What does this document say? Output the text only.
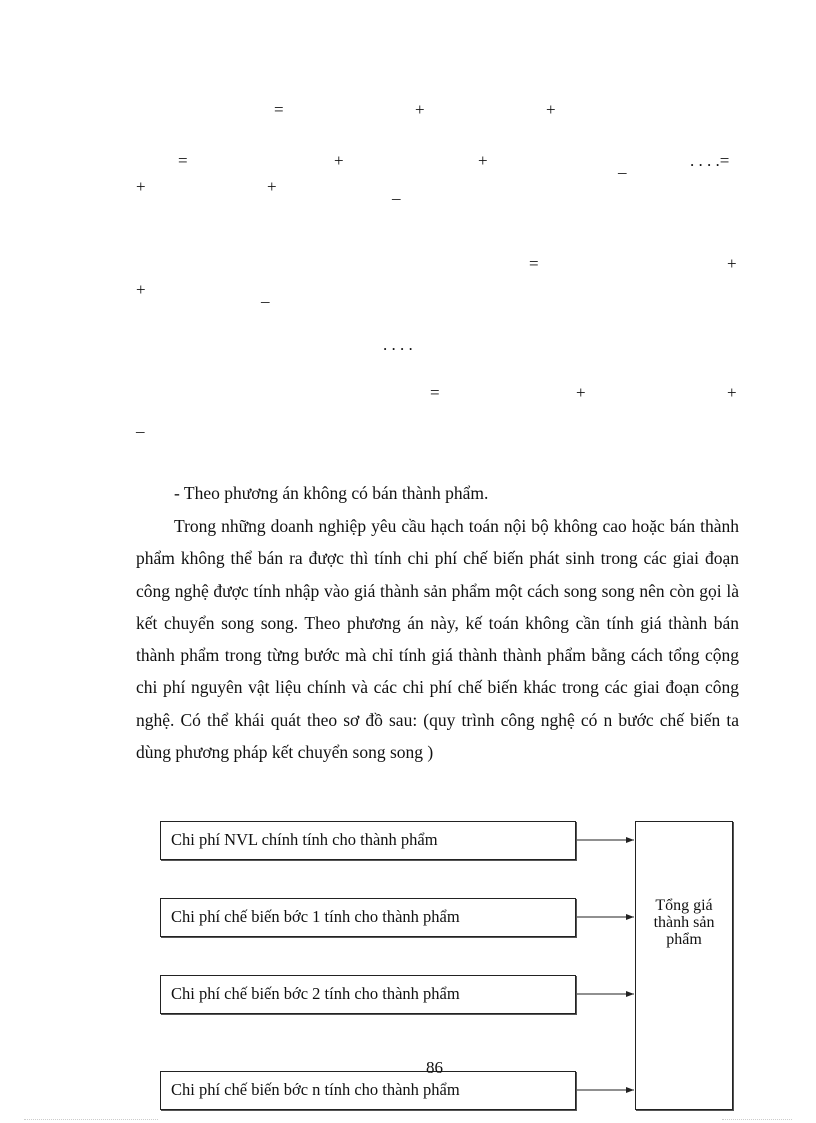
=	+	+
=	+	+	_	. . . .=
+	+	_
=	+
+	_
. . . .
=	+	+
_

- Theo phương án không có bán thành phẩm.

Trong những doanh nghiệp yêu cầu hạch toán nội bộ không cao hoặc bán thành phẩm không thể bán ra được thì tính chi phí chế biến phát sinh trong các giai đoạn công nghệ được tính nhập vào giá thành sản phẩm một cách song song nên còn gọi là kết chuyển song song. Theo phương án này, kế toán không cần tính giá thành bán thành phẩm trong từng bước mà chỉ tính giá thành thành phẩm bằng cách tổng cộng chi phí nguyên vật liệu chính và các chi phí chế biến khác trong các giai đoạn công nghệ. Có thể khái quát theo sơ đồ sau: (quy trình công nghệ có n bước chế biến ta dùng phương pháp kết chuyển song song )

Chi phí NVL chính tính cho thành phẩm
Chi phí chế biến bớc 1 tính cho thành phẩm
Chi phí chế biến bớc 2 tính cho thành phẩm
Chi phí chế biến bớc n tính cho thành phẩm
Tổng giá thành sản phẩm
86
